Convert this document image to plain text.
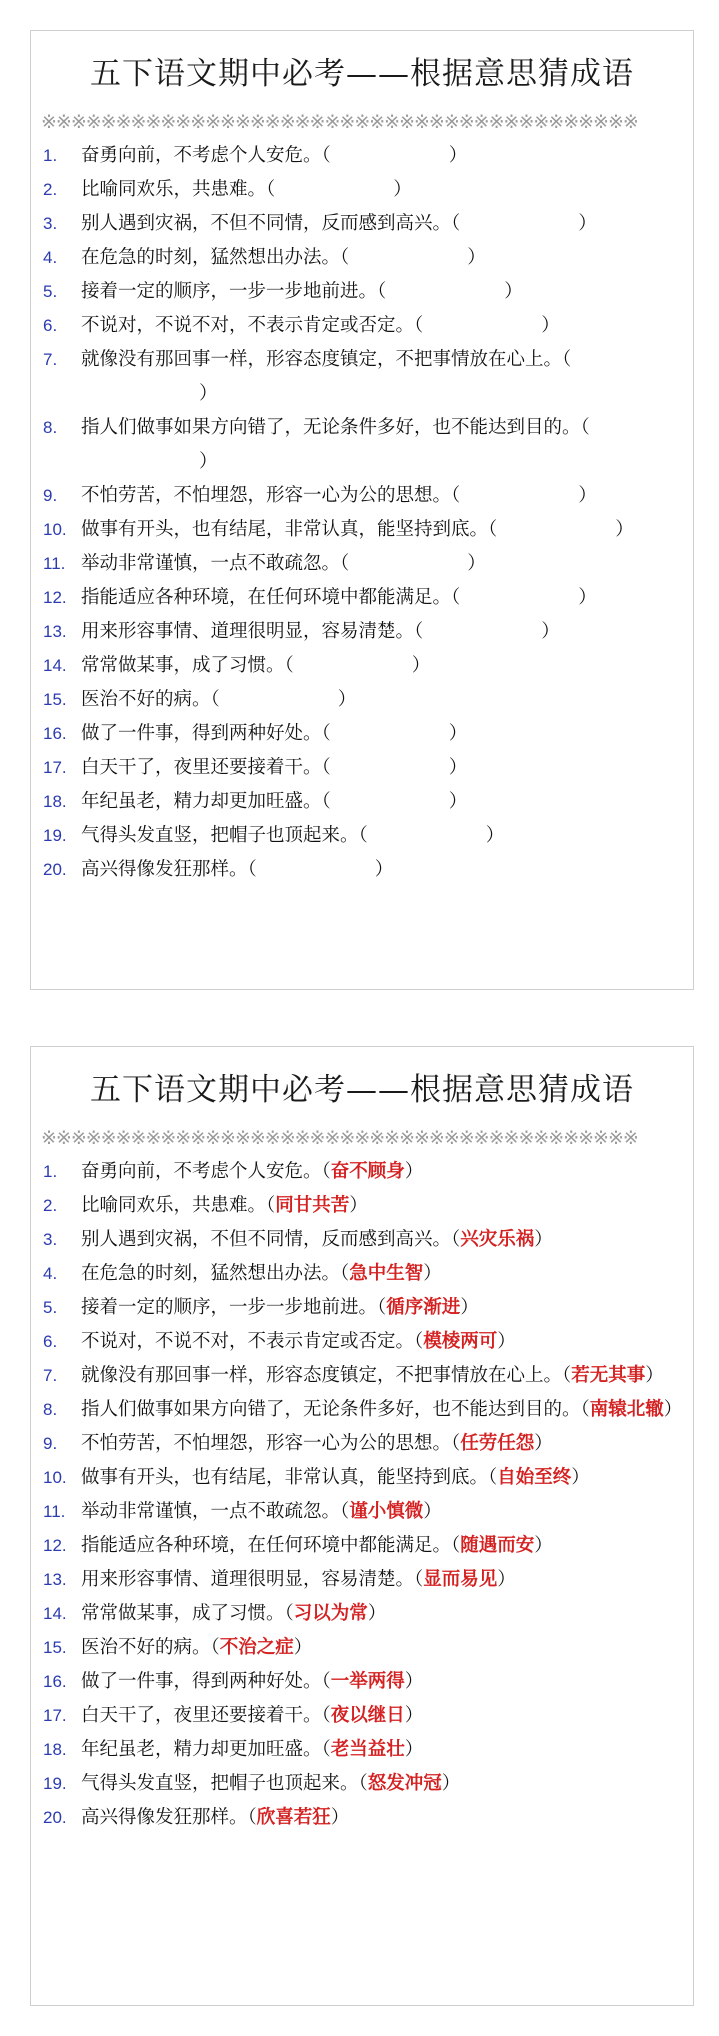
五下语文期中必考——根据意思猜成语
※※※※※※※※※※※※※※※※※※※※※※※※※※※※※※※※※※※※※※※※
1. 奋勇向前，不考虑个人安危。（	）
2. 比喻同欢乐，共患难。（	）
3. 别人遇到灾祸，不但不同情，反而感到高兴。（	）
4. 在危急的时刻，猛然想出办法。（	）
5. 接着一定的顺序，一步一步地前进。（	）
6. 不说对，不说不对，不表示肯定或否定。（	）
7. 就像没有那回事一样，形容态度镇定，不把事情放在心上。（）
8. 指人们做事如果方向错了，无论条件多好，也不能达到目的。（）
9. 不怕劳苦，不怕埋怨，形容一心为公的思想。（	）
10. 做事有开头，也有结尾，非常认真，能坚持到底。（	）
11. 举动非常谨慎，一点不敢疏忽。（	）
12. 指能适应各种环境，在任何环境中都能满足。（	）
13. 用来形容事情、道理很明显，容易清楚。（	）
14. 常常做某事，成了习惯。（	）
15. 医治不好的病。（	）
16. 做了一件事，得到两种好处。（	）
17. 白天干了，夜里还要接着干。（	）
18. 年纪虽老，精力却更加旺盛。（	）
19. 气得头发直竖，把帽子也顶起来。（	）
20. 高兴得像发狂那样。（	）
五下语文期中必考——根据意思猜成语
※※※※※※※※※※※※※※※※※※※※※※※※※※※※※※※※※※※※※※※※
1. 奋勇向前，不考虑个人安危。（奋不顾身）
2. 比喻同欢乐，共患难。（同甘共苦）
3. 别人遇到灾祸，不但不同情，反而感到高兴。（兴灾乐祸）
4. 在危急的时刻，猛然想出办法。（急中生智）
5. 接着一定的顺序，一步一步地前进。（循序渐进）
6. 不说对，不说不对，不表示肯定或否定。（模棱两可）
7. 就像没有那回事一样，形容态度镇定，不把事情放在心上。（若无其事）
8. 指人们做事如果方向错了，无论条件多好，也不能达到目的。（南辕北辙）
9. 不怕劳苦，不怕埋怨，形容一心为公的思想。（任劳任怨）
10. 做事有开头，也有结尾，非常认真，能坚持到底。（自始至终）
11. 举动非常谨慎，一点不敢疏忽。（谨小慎微）
12. 指能适应各种环境，在任何环境中都能满足。（随遇而安）
13. 用来形容事情、道理很明显，容易清楚。（显而易见）
14. 常常做某事，成了习惯。（习以为常）
15. 医治不好的病。（不治之症）
16. 做了一件事，得到两种好处。（一举两得）
17. 白天干了，夜里还要接着干。（夜以继日）
18. 年纪虽老，精力却更加旺盛。（老当益壮）
19. 气得头发直竖，把帽子也顶起来。（怒发冲冠）
20. 高兴得像发狂那样。（欣喜若狂）
